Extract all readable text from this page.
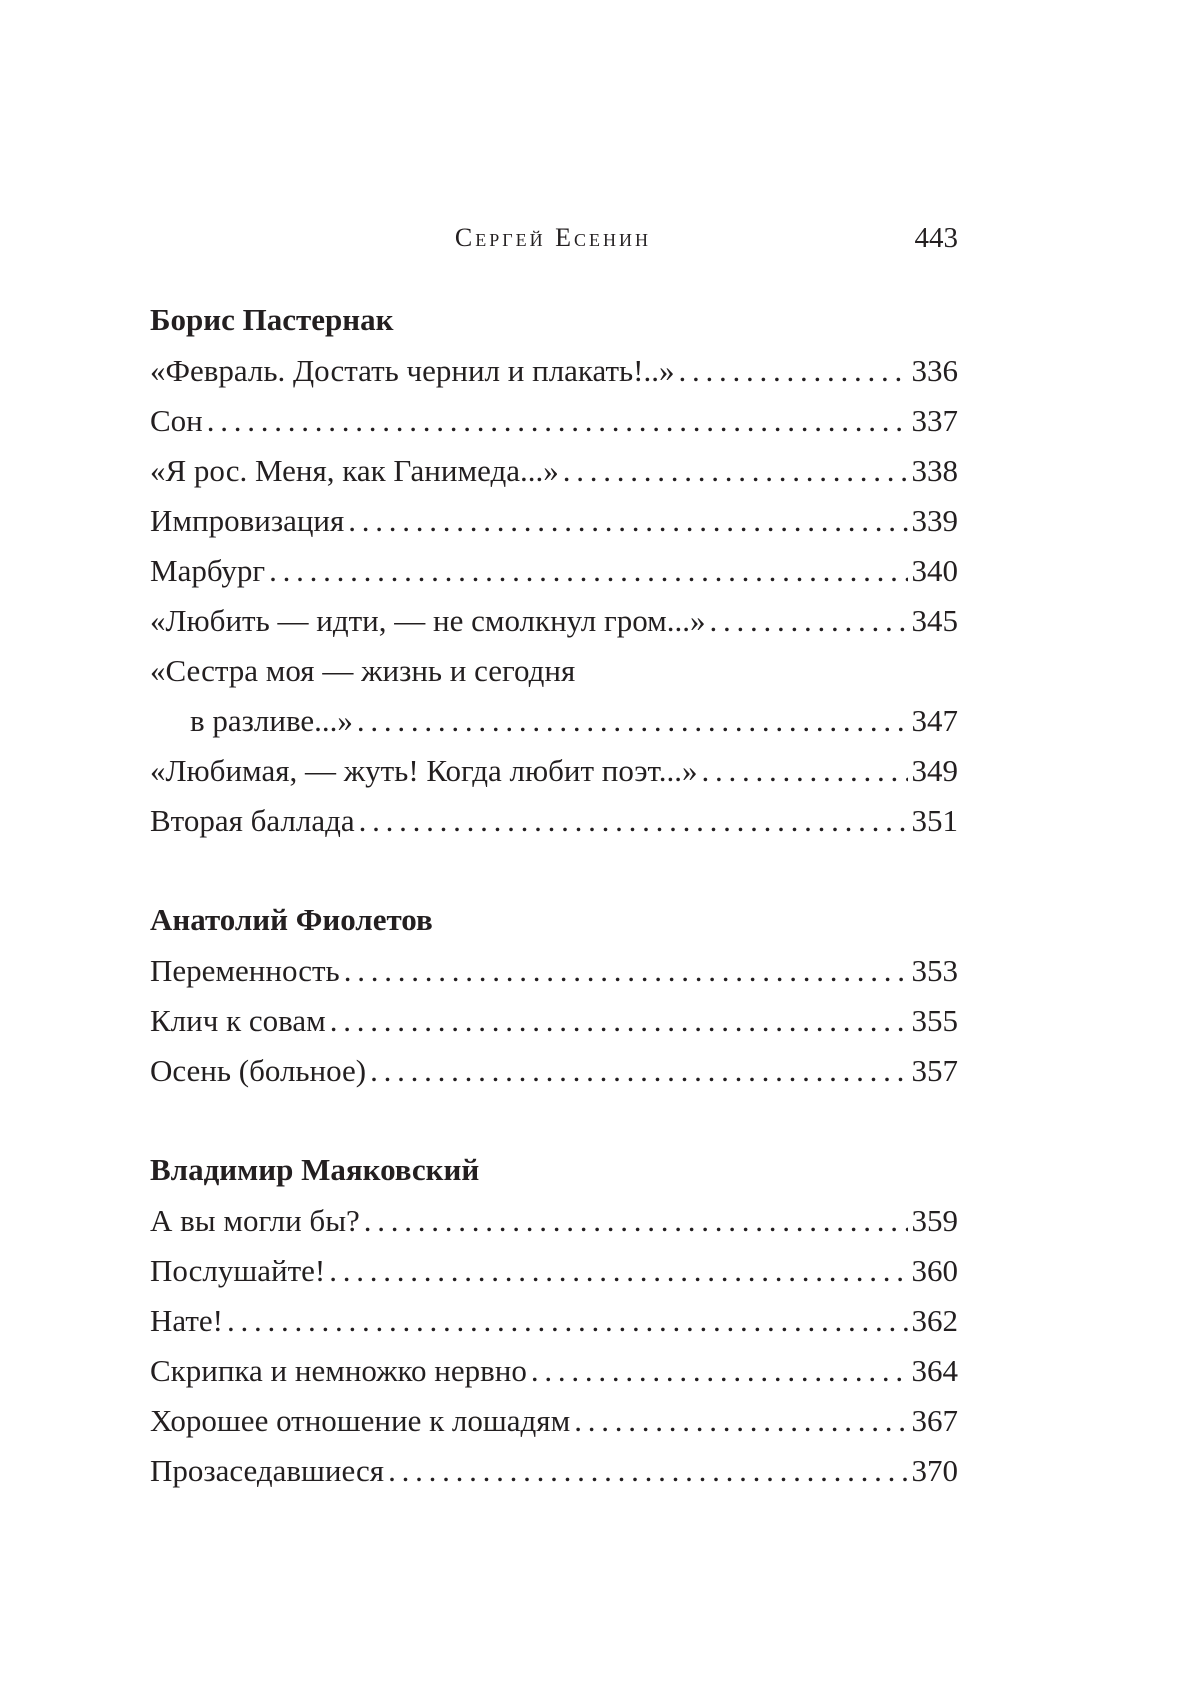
Сергей Есенин	443
Борис Пастернак
«Февраль. Достать чернил и плакать!..» . . .	336
Сон . . .	337
«Я рос. Меня, как Ганимеда...» . . .	338
Импровизация . . .	339
Марбург . . .	340
«Любить — идти, — не смолкнул гром...» . . .	345
«Сестра моя — жизнь и сегодня
в разливе...» . . .	347
«Любимая, — жуть! Когда любит поэт...» . . .	349
Вторая баллада . . .	351
Анатолий Фиолетов
Переменность . . .	353
Клич к совам . . .	355
Осень (больное) . . .	357
Владимир Маяковский
А вы могли бы? . . .	359
Послушайте! . . .	360
Нате! . . .	362
Скрипка и немножко нервно . . .	364
Хорошее отношение к лошадям . . .	367
Прозаседавшиеся . . .	370
